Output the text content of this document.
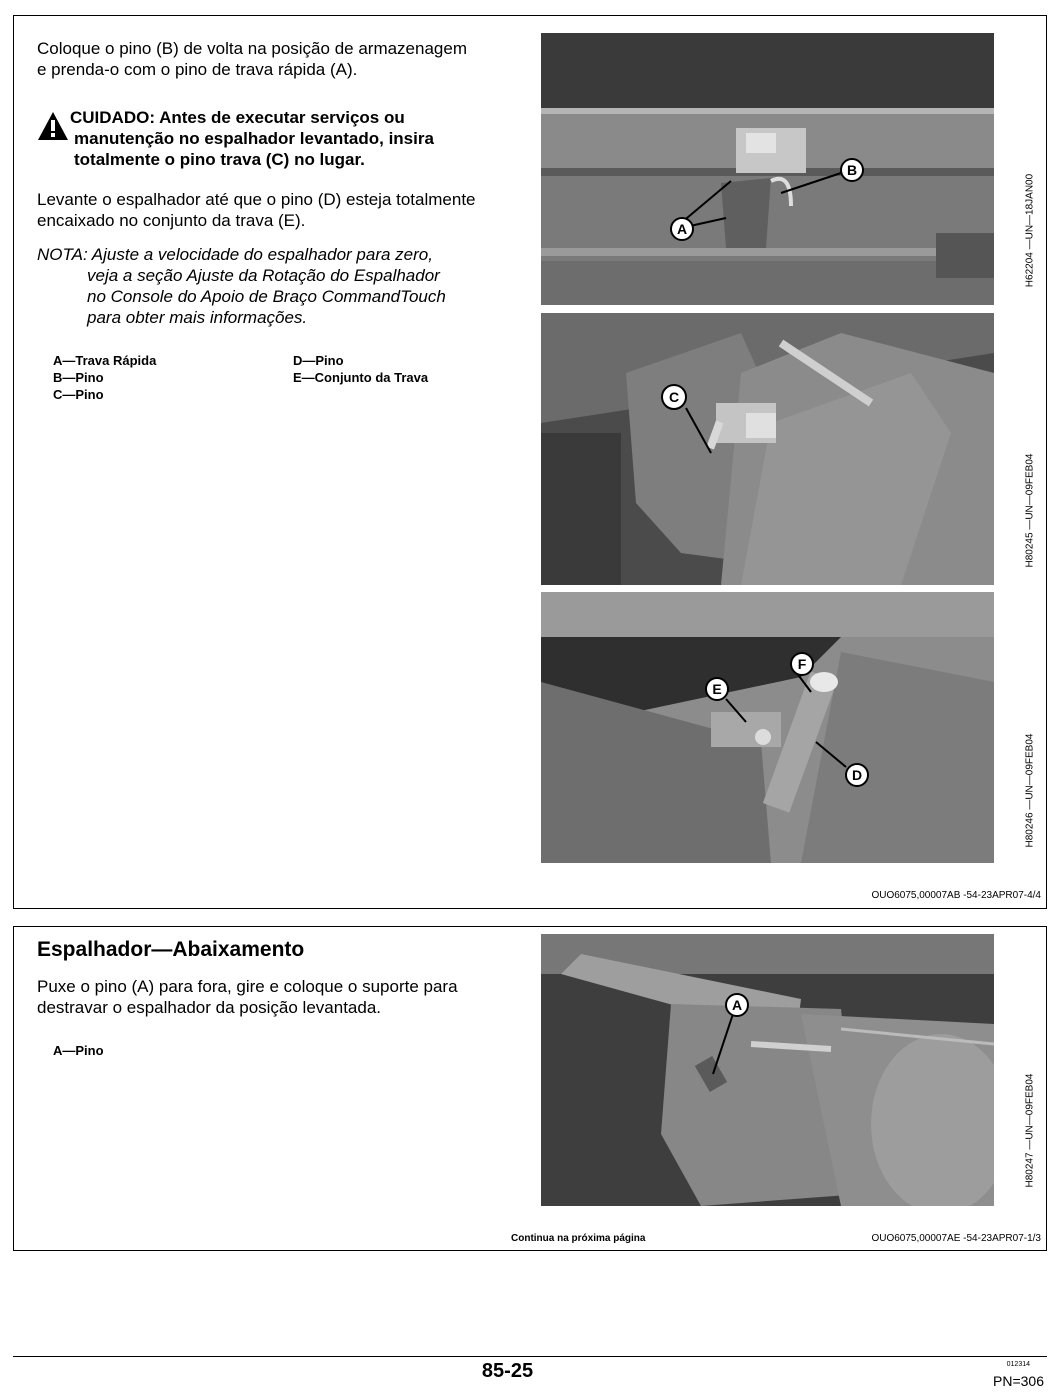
Coloque o pino (B) de volta na posição de armazenagem
e prenda-o com o pino de trava rápida (A).

CUIDADO: Antes de executar serviços ou
manutenção no espalhador levantado, insira
totalmente o pino trava (C) no lugar.

Levante o espalhador até que o pino (D) esteja totalmente
encaixado no conjunto da trava (E).

NOTA: Ajuste a velocidade do espalhador para zero,
veja a seção Ajuste da Rotação do Espalhador
no Console do Apoio de Braço CommandTouch
para obter mais informações.
A—Trava Rápida
B—Pino
C—Pino
D—Pino
E—Conjunto da Trava
A
B
H62204 —UN—18JAN00
C
H80245 —UN—09FEB04
E
F
D	H80246 —UN—09FEB04
OUO6075,00007AB -54-23APR07-4/4
Espalhador—Abaixamento

Puxe o pino (A) para fora, gire e coloque o suporte para
destravar o espalhador da posição levantada.

A—Pino
A
H80247 —UN—09FEB04
Continua na próxima página	OUO6075,00007AE -54-23APR07-1/3
85-25	012314
PN=306
